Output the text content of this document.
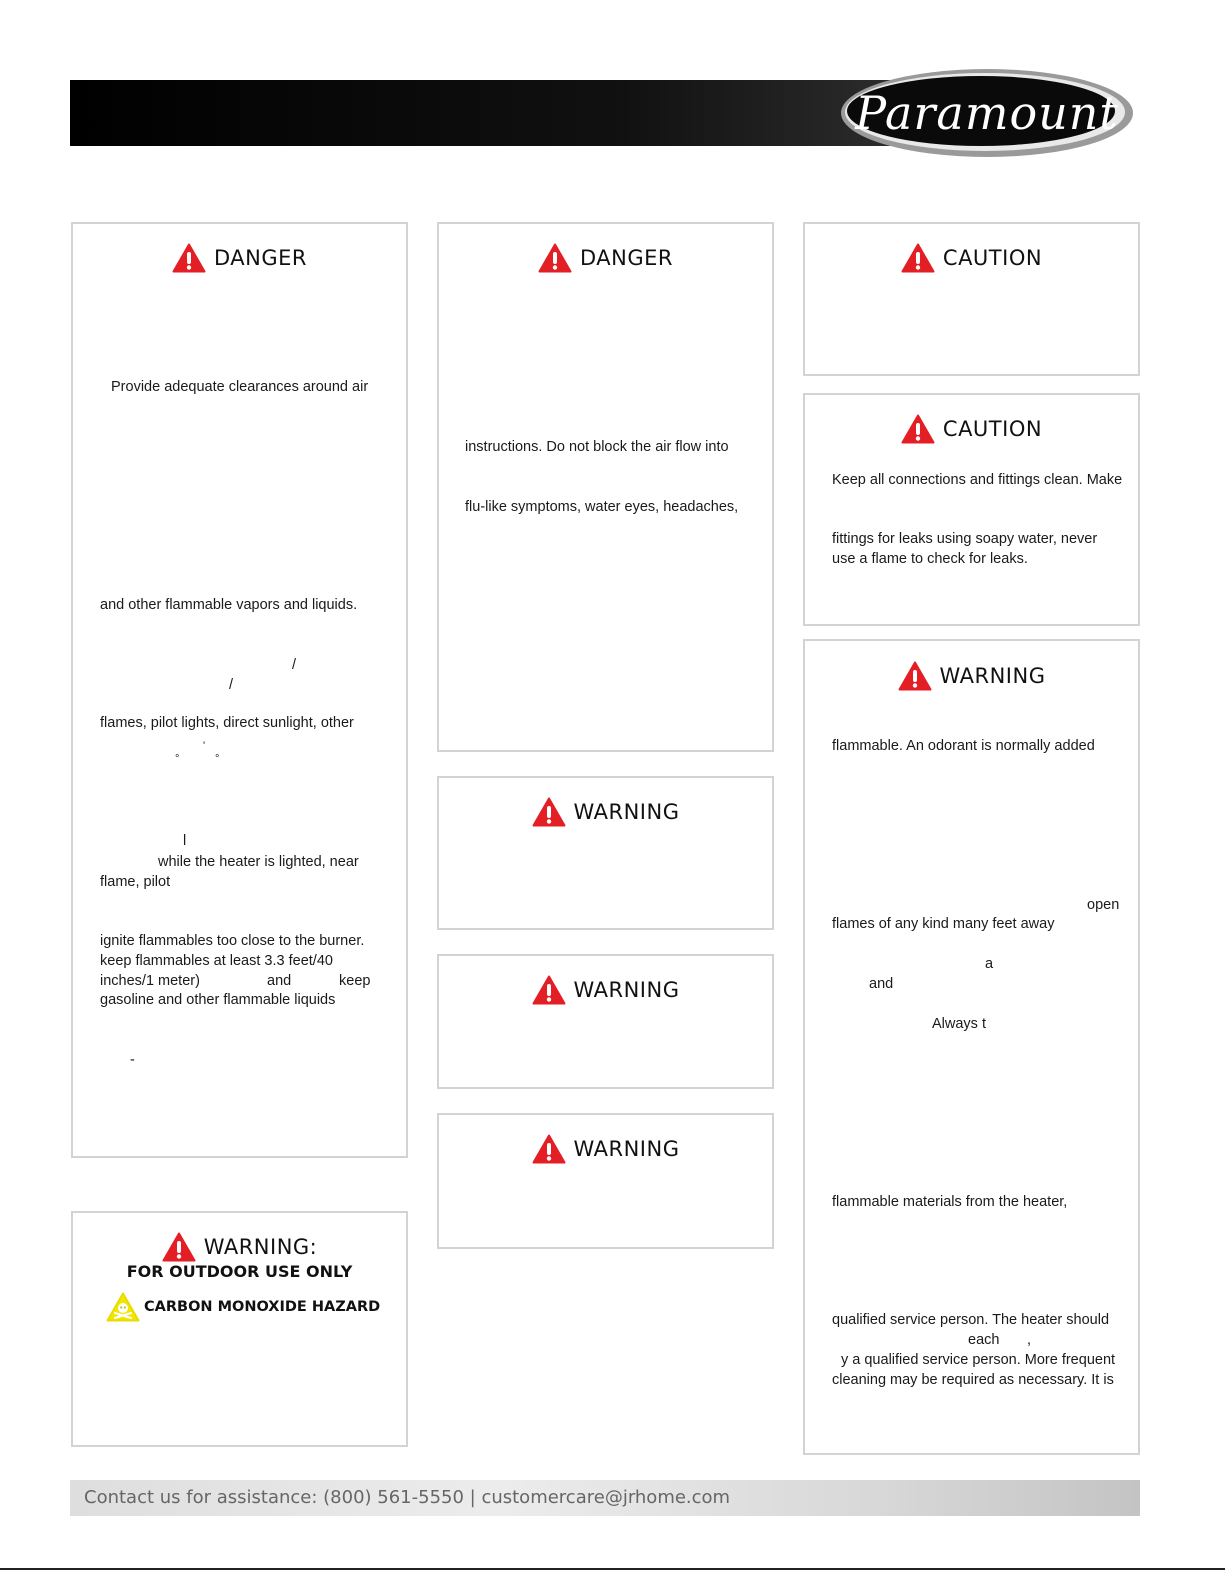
Paramount
DANGER
Provide adequate clearances around air
and other flammable vapors and liquids.
/
/
flames, pilot lights, direct sunlight, other
'
°	°
l
while the heater is lighted, near
flame, pilot
ignite flammables too close to the burner.
keep flammables at least 3.3 feet/40
inches/1 meter)	and	keep
gasoline and other flammable liquids
-
DANGER
instructions. Do not block the air flow into
flu-like symptoms, water eyes, headaches,
WARNING
WARNING
WARNING
CAUTION
CAUTION
Keep all connections and fittings clean. Make
fittings for leaks using soapy water, never
use a flame to check for leaks.
WARNING
flammable. An odorant is normally added
open
flames of any kind many feet away
a
and
Always t
flammable materials from the heater,
qualified service person. The heater should
each ,
y a qualified service person. More frequent
cleaning may be required as necessary. It is
WARNING:
FOR OUTDOOR USE ONLY
CARBON MONOXIDE HAZARD
Contact us for assistance: (800) 561-5550 | customercare@jrhome.com
